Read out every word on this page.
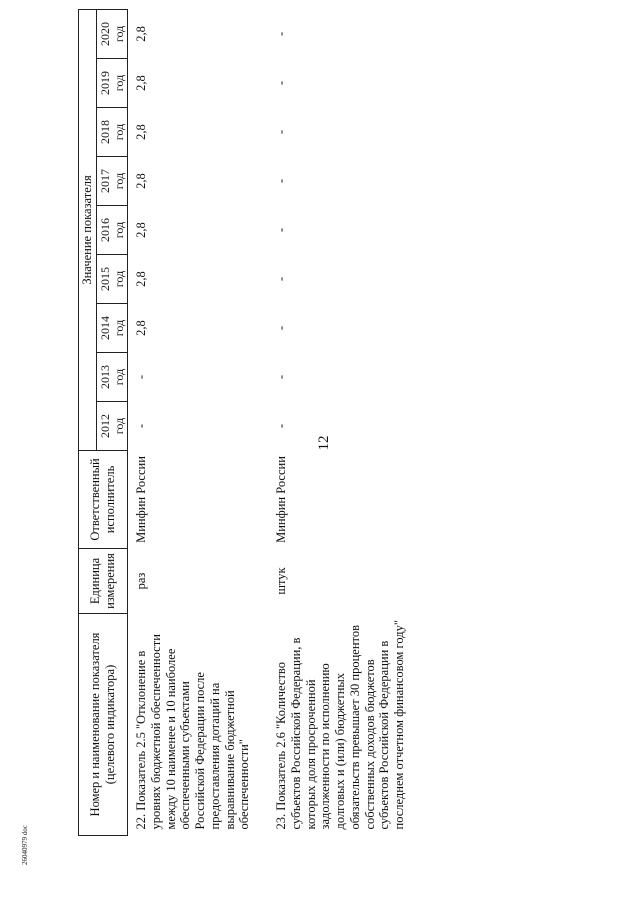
12
Номер и наименование показателя (целевого индикатора)	Единица измерения	Ответственный исполнитель	Значение показателя								
			2012 год	2013 год	2014 год	2015 год	2016 год	2017 год	2018 год	2019 год	2020 год
22. Показатель 2.5 "Отклонение в уровнях бюджетной обеспеченности между 10 наименее и 10 наиболее обеспеченными субъектами Российской Федерации после предоставления дотаций на выравнивание бюджетной обеспеченности"	раз	Минфин России	-	-	2,8	2,8	2,8	2,8	2,8	2,8	2,8
23. Показатель 2.6 "Количество субъектов Российской Федерации, в которых доля просроченной задолженности по исполнению долговых и (или) бюджетных обязательств превышает 30 процентов собственных доходов бюджетов субъектов Российской Федерации в последнем отчетном финансовом году"	штук	Минфин России	-	-	-	-	-	-	-	-	-
26040979 doc
